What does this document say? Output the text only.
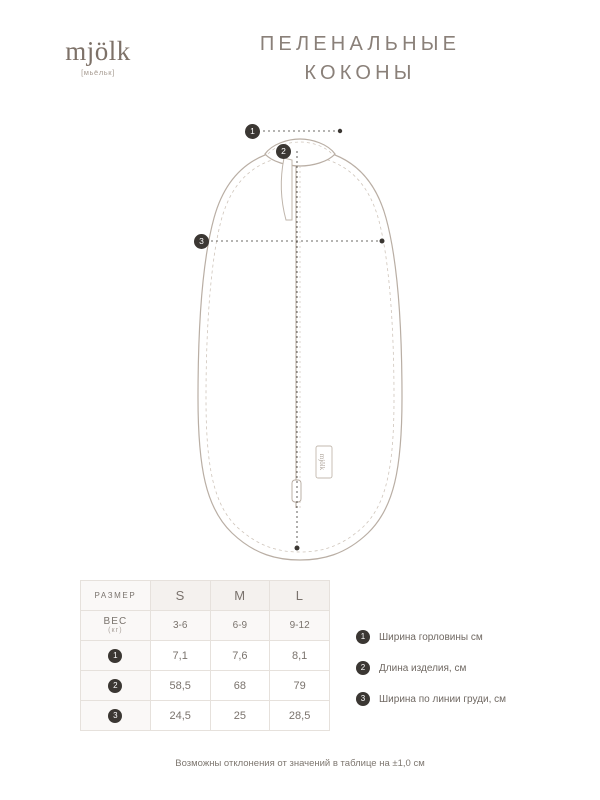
mjölk
[мьёльк]
ПЕЛЕНАЛЬНЫЕ
КОКОНЫ
mjölk
1
2
3
РАЗМЕР	S	M	L
ВЕС
(кг)	3-6	6-9	9-12
1	7,1	7,6	8,1
2	58,5	68	79
3	24,5	25	28,5
1	Ширина горловины см
2	Длина изделия, см
3	Ширина по линии груди, см
Возможны отклонения от значений в таблице на ±1,0 см
